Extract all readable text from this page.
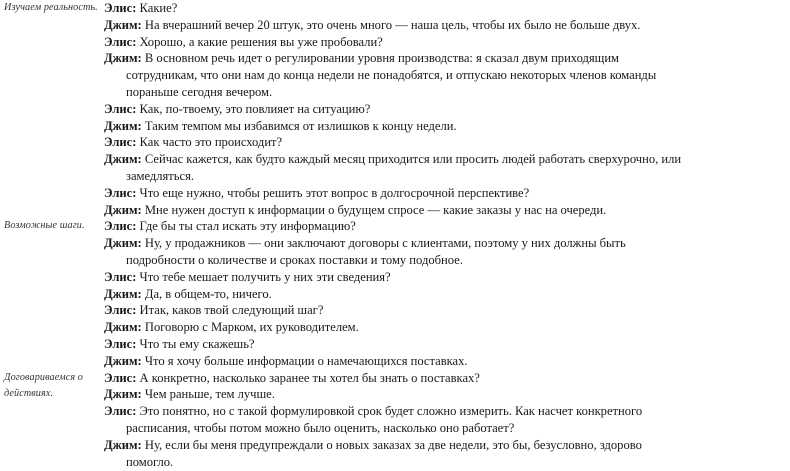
Изучаем реальность.
Возможные шаги.
Договариваемся о действиях.
Элис: Какие?
Джим: На вчерашний вечер 20 штук, это очень много — наша цель, чтобы их было не больше двух.
Элис: Хорошо, а какие решения вы уже пробовали?
Джим: В основном речь идет о регулировании уровня производства: я сказал двум приходящим
сотрудникам, что они нам до конца недели не понадобятся, и отпускаю некоторых членов команды
пораньше сегодня вечером.
Элис: Как, по-твоему, это повлияет на ситуацию?
Джим: Таким темпом мы избавимся от излишков к концу недели.
Элис: Как часто это происходит?
Джим: Сейчас кажется, как будто каждый месяц приходится или просить людей работать сверхурочно, или
замедляться.
Элис: Что еще нужно, чтобы решить этот вопрос в долгосрочной перспективе?
Джим: Мне нужен доступ к информации о будущем спросе — какие заказы у нас на очереди.
Элис: Где бы ты стал искать эту информацию?
Джим: Ну, у продажников — они заключают договоры с клиентами, поэтому у них должны быть
подробности о количестве и сроках поставки и тому подобное.
Элис: Что тебе мешает получить у них эти сведения?
Джим: Да, в общем-то, ничего.
Элис: Итак, каков твой следующий шаг?
Джим: Поговорю с Марком, их руководителем.
Элис: Что ты ему скажешь?
Джим: Что я хочу больше информации о намечающихся поставках.
Элис: А конкретно, насколько заранее ты хотел бы знать о поставках?
Джим: Чем раньше, тем лучше.
Элис: Это понятно, но с такой формулировкой срок будет сложно измерить. Как насчет конкретного
расписания, чтобы потом можно было оценить, насколько оно работает?
Джим: Ну, если бы меня предупреждали о новых заказах за две недели, это бы, безусловно, здорово
помогло.
